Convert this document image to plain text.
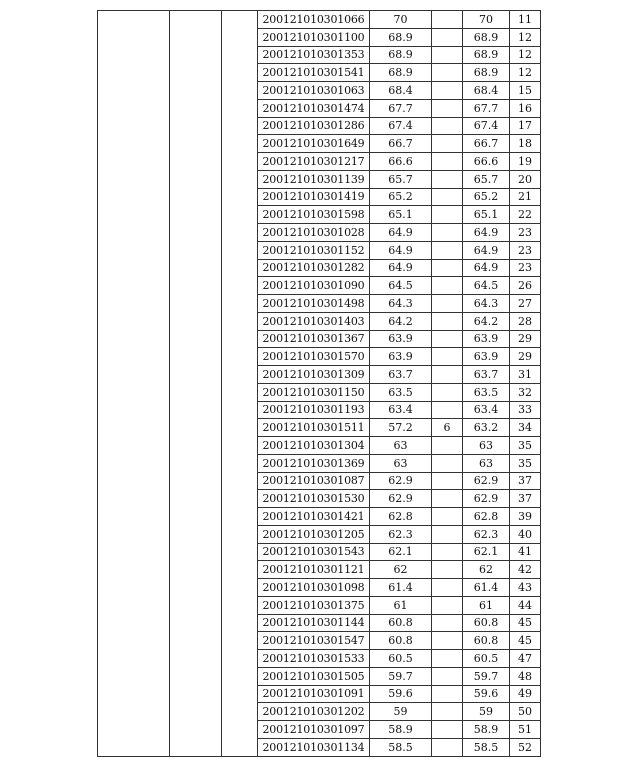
			200121010301066	70		70	11
			200121010301100	68.9		68.9	12
			200121010301353	68.9		68.9	12
			200121010301541	68.9		68.9	12
			200121010301063	68.4		68.4	15
			200121010301474	67.7		67.7	16
			200121010301286	67.4		67.4	17
			200121010301649	66.7		66.7	18
			200121010301217	66.6		66.6	19
			200121010301139	65.7		65.7	20
			200121010301419	65.2		65.2	21
			200121010301598	65.1		65.1	22
			200121010301028	64.9		64.9	23
			200121010301152	64.9		64.9	23
			200121010301282	64.9		64.9	23
			200121010301090	64.5		64.5	26
			200121010301498	64.3		64.3	27
			200121010301403	64.2		64.2	28
			200121010301367	63.9		63.9	29
			200121010301570	63.9		63.9	29
			200121010301309	63.7		63.7	31
			200121010301150	63.5		63.5	32
			200121010301193	63.4		63.4	33
			200121010301511	57.2	6	63.2	34
			200121010301304	63		63	35
			200121010301369	63		63	35
			200121010301087	62.9		62.9	37
			200121010301530	62.9		62.9	37
			200121010301421	62.8		62.8	39
			200121010301205	62.3		62.3	40
			200121010301543	62.1		62.1	41
			200121010301121	62		62	42
			200121010301098	61.4		61.4	43
			200121010301375	61		61	44
			200121010301144	60.8		60.8	45
			200121010301547	60.8		60.8	45
			200121010301533	60.5		60.5	47
			200121010301505	59.7		59.7	48
			200121010301091	59.6		59.6	49
			200121010301202	59		59	50
			200121010301097	58.9		58.9	51
			200121010301134	58.5		58.5	52
